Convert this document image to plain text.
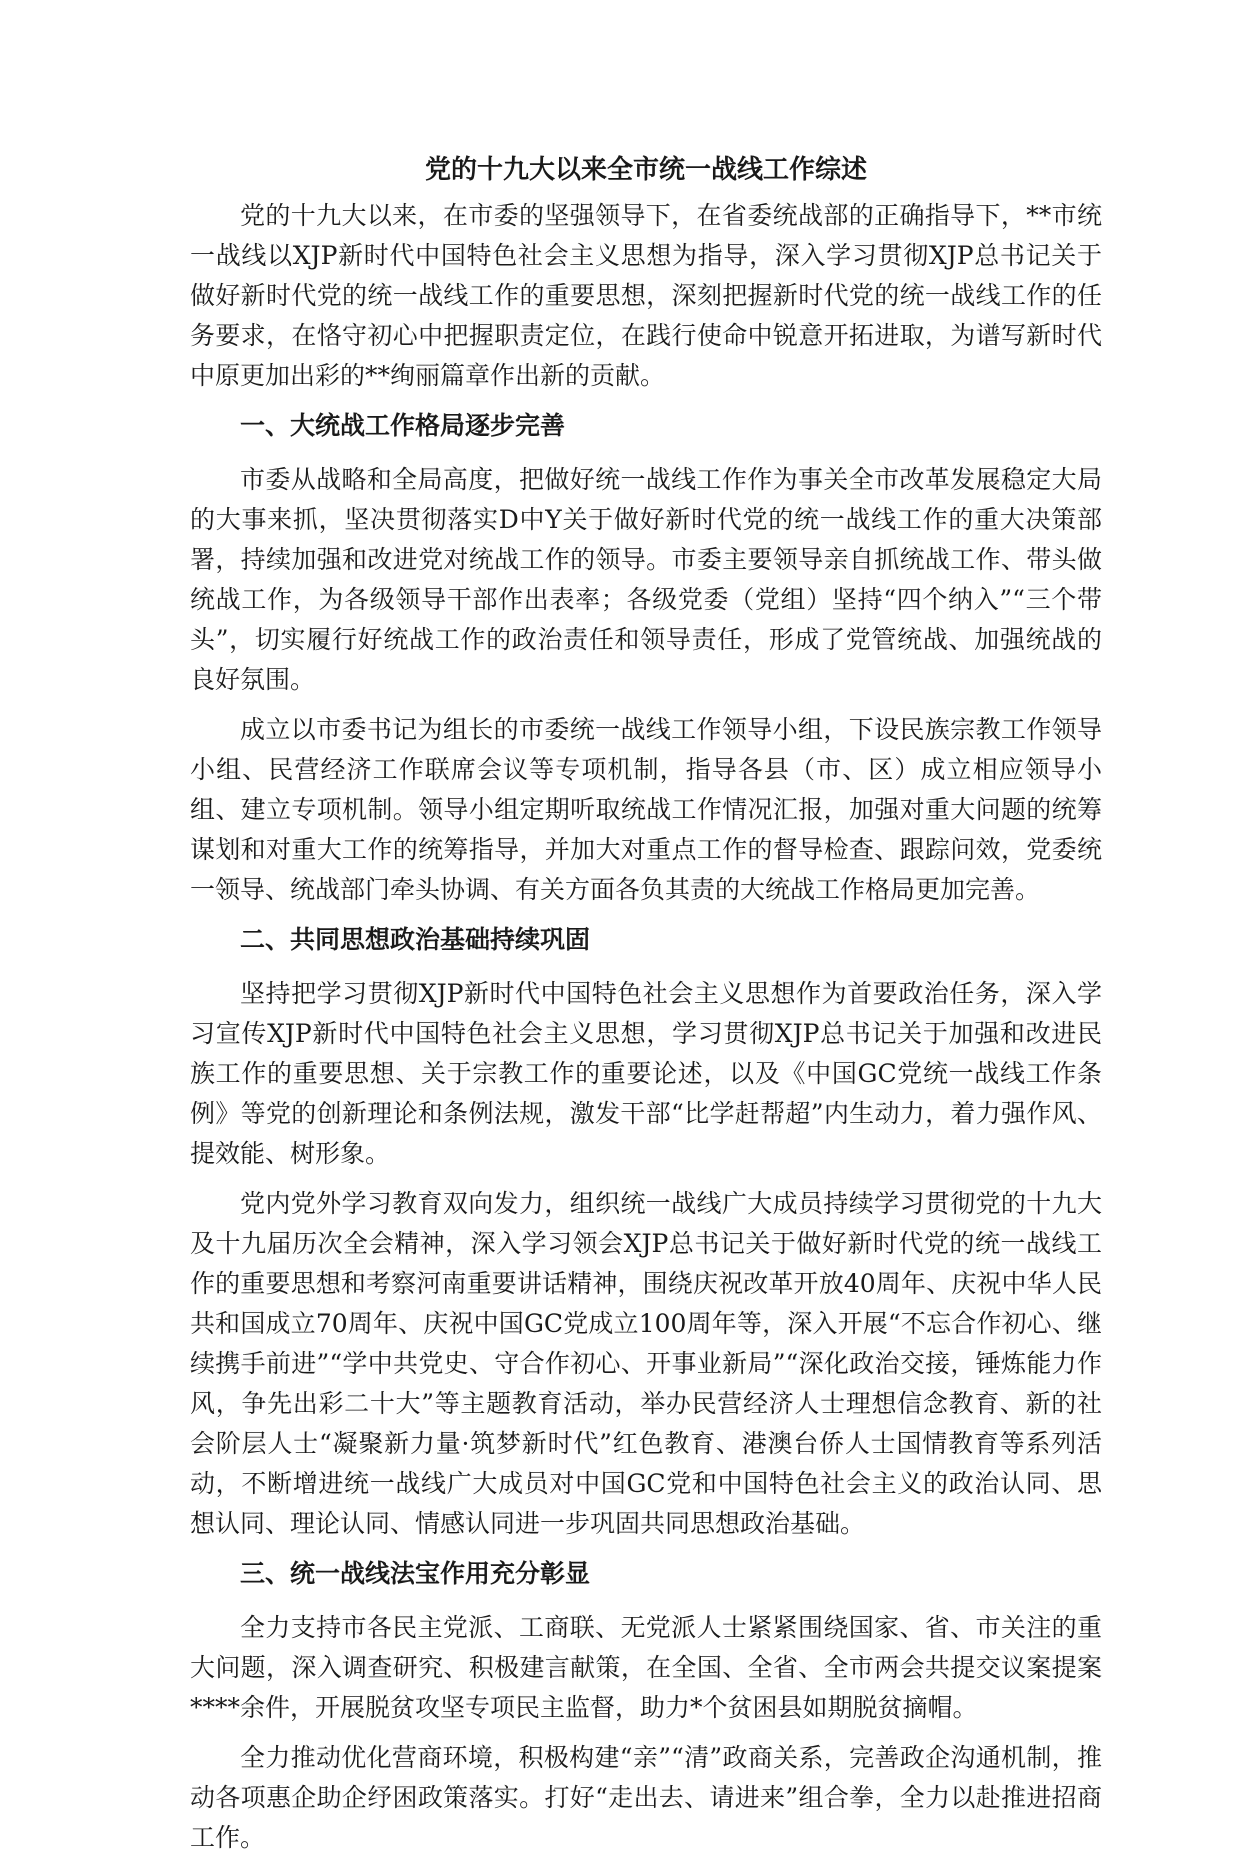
党的十九大以来全市统一战线工作综述

党的十九大以来，在市委的坚强领导下，在省委统战部的正确指导下，**市统一战线以XJP新时代中国特色社会主义思想为指导，深入学习贯彻XJP总书记关于做好新时代党的统一战线工作的重要思想，深刻把握新时代党的统一战线工作的任务要求，在恪守初心中把握职责定位，在践行使命中锐意开拓进取，为谱写新时代中原更加出彩的**绚丽篇章作出新的贡献。

一、大统战工作格局逐步完善

市委从战略和全局高度，把做好统一战线工作作为事关全市改革发展稳定大局的大事来抓，坚决贯彻落实D中Y关于做好新时代党的统一战线工作的重大决策部署，持续加强和改进党对统战工作的领导。市委主要领导亲自抓统战工作、带头做统战工作，为各级领导干部作出表率；各级党委（党组）坚持“四个纳入”“三个带头”，切实履行好统战工作的政治责任和领导责任，形成了党管统战、加强统战的良好氛围。

成立以市委书记为组长的市委统一战线工作领导小组，下设民族宗教工作领导小组、民营经济工作联席会议等专项机制，指导各县（市、区）成立相应领导小组、建立专项机制。领导小组定期听取统战工作情况汇报，加强对重大问题的统筹谋划和对重大工作的统筹指导，并加大对重点工作的督导检查、跟踪问效，党委统一领导、统战部门牵头协调、有关方面各负其责的大统战工作格局更加完善。

二、共同思想政治基础持续巩固

坚持把学习贯彻XJP新时代中国特色社会主义思想作为首要政治任务，深入学习宣传XJP新时代中国特色社会主义思想，学习贯彻XJP总书记关于加强和改进民族工作的重要思想、关于宗教工作的重要论述，以及《中国GC党统一战线工作条例》等党的创新理论和条例法规，激发干部“比学赶帮超”内生动力，着力强作风、提效能、树形象。

党内党外学习教育双向发力，组织统一战线广大成员持续学习贯彻党的十九大及十九届历次全会精神，深入学习领会XJP总书记关于做好新时代党的统一战线工作的重要思想和考察河南重要讲话精神，围绕庆祝改革开放40周年、庆祝中华人民共和国成立70周年、庆祝中国GC党成立100周年等，深入开展“不忘合作初心、继续携手前进”“学中共党史、守合作初心、开事业新局”“深化政治交接，锤炼能力作风，争先出彩二十大”等主题教育活动，举办民营经济人士理想信念教育、新的社会阶层人士“凝聚新力量·筑梦新时代”红色教育、港澳台侨人士国情教育等系列活动，不断增进统一战线广大成员对中国GC党和中国特色社会主义的政治认同、思想认同、理论认同、情感认同进一步巩固共同思想政治基础。

三、统一战线法宝作用充分彰显

全力支持市各民主党派、工商联、无党派人士紧紧围绕国家、省、市关注的重大问题，深入调查研究、积极建言献策，在全国、全省、全市两会共提交议案提案****余件，开展脱贫攻坚专项民主监督，助力*个贫困县如期脱贫摘帽。

全力推动优化营商环境，积极构建“亲”“清”政商关系，完善政企沟通机制，推动各项惠企助企纾困政策落实。打好“走出去、请进来”组合拳，全力以赴推进招商工作。
